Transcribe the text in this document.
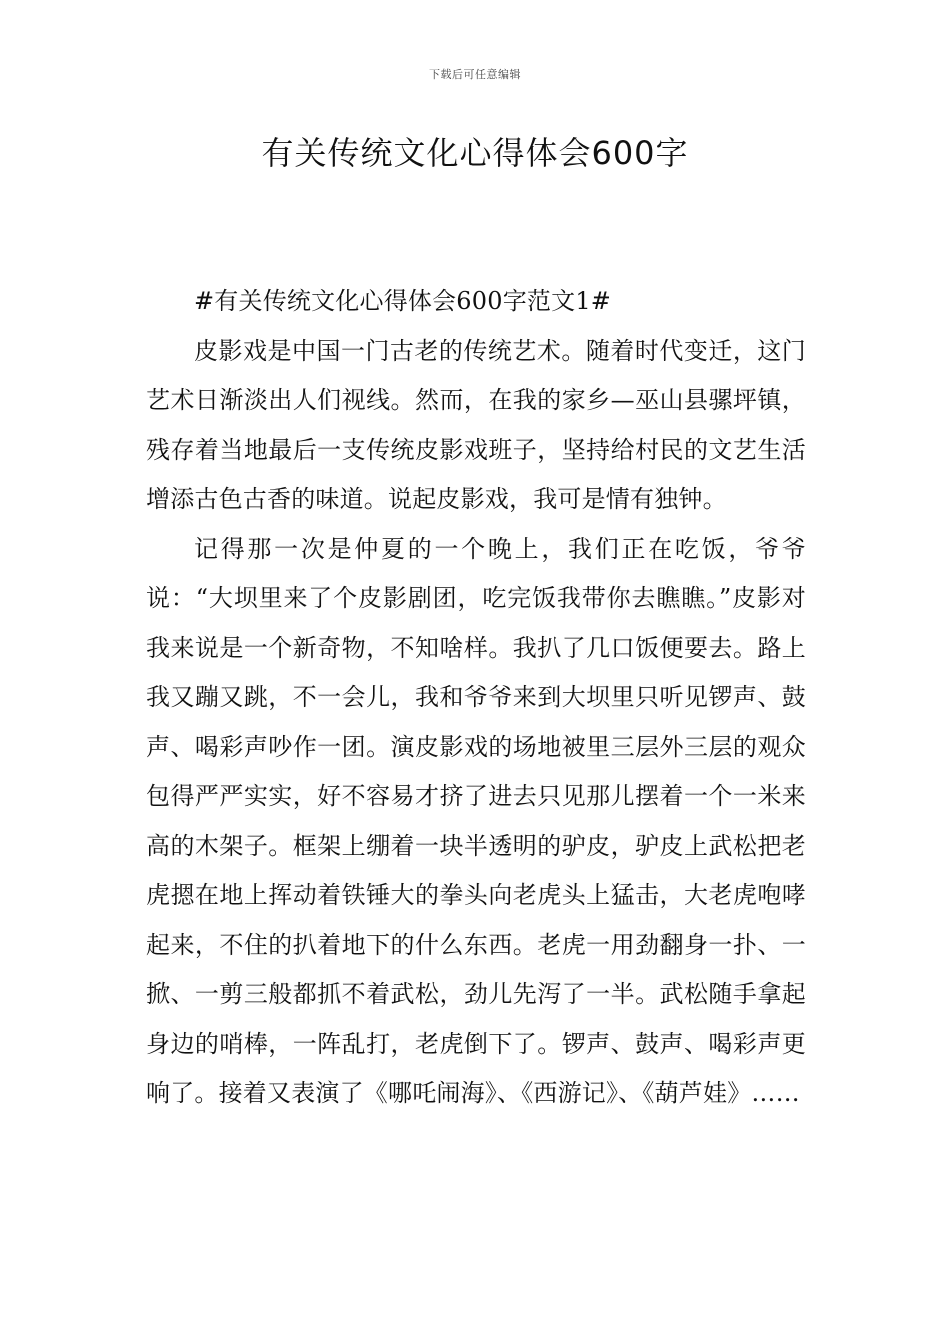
下载后可任意编辑
有关传统文化心得体会600字

#有关传统文化心得体会600字范文1#

皮影戏是中国一门古老的传统艺术。随着时代变迁，这门艺术日渐淡出人们视线。然而，在我的家乡—巫山县骡坪镇，残存着当地最后一支传统皮影戏班子，坚持给村民的文艺生活增添古色古香的味道。说起皮影戏，我可是情有独钟。

记得那一次是仲夏的一个晚上，我们正在吃饭，爷爷说：“大坝里来了个皮影剧团，吃完饭我带你去瞧瞧。”皮影对我来说是一个新奇物，不知啥样。我扒了几口饭便要去。路上我又蹦又跳，不一会儿，我和爷爷来到大坝里只听见锣声、鼓声、喝彩声吵作一团。演皮影戏的场地被里三层外三层的观众包得严严实实，好不容易才挤了进去只见那儿摆着一个一米来高的木架子。框架上绷着一块半透明的驴皮，驴皮上武松把老虎摁在地上挥动着铁锤大的拳头向老虎头上猛击，大老虎咆哮起来，不住的扒着地下的什么东西。老虎一用劲翻身一扑、一掀、一剪三般都抓不着武松，劲儿先泻了一半。武松随手拿起身边的哨棒，一阵乱打，老虎倒下了。锣声、鼓声、喝彩声更响了。接着又表演了《哪吒闹海》、《西游记》、《葫芦娃》……
